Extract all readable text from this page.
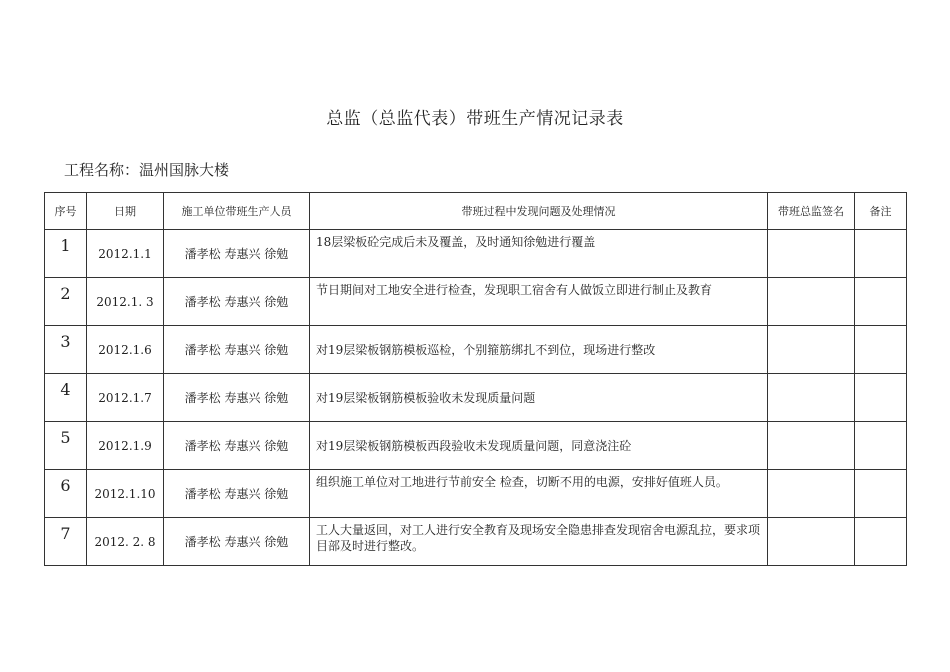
总监（总监代表）带班生产情况记录表
工程名称：温州国脉大楼
序号	日期	施工单位带班生产人员	带班过程中发现问题及处理情况	带班总监签名	备注
1	2012.1.1	潘孝松 寿惠兴 徐勉	18层梁板砼完成后未及覆盖，及时通知徐勉进行覆盖		
2	2012.1. 3	潘孝松 寿惠兴 徐勉	节日期间对工地安全进行检查，发现职工宿舍有人做饭立即进行制止及教育		
3	2012.1.6	潘孝松 寿惠兴 徐勉	对19层梁板钢筋模板巡检，个别箍筋绑扎不到位，现场进行整改		
4	2012.1.7	潘孝松 寿惠兴 徐勉	对19层梁板钢筋模板验收未发现质量问题		
5	2012.1.9	潘孝松 寿惠兴 徐勉	对19层梁板钢筋模板西段验收未发现质量问题，同意浇注砼		
6	2012.1.10	潘孝松 寿惠兴 徐勉	组织施工单位对工地进行节前安全 检查，切断不用的电源，安排好值班人员。		
7	2012. 2. 8	潘孝松 寿惠兴 徐勉	工人大量返回，对工人进行安全教育及现场安全隐患排查发现宿舍电源乱拉，要求项目部及时进行整改。		
